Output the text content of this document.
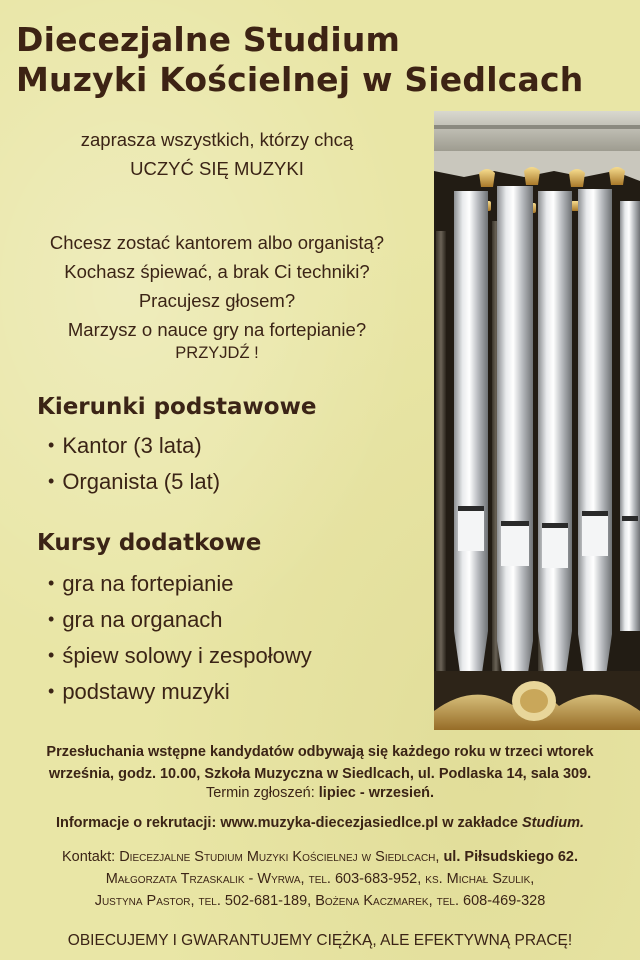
Diecezjalne Studium
Muzyki Kościelnej w Siedlcach
zaprasza wszystkich, którzy chcą
UCZYĆ SIĘ MUZYKI
Chcesz zostać kantorem albo organistą?
Kochasz śpiewać, a brak Ci techniki?
Pracujesz głosem?
Marzysz o nauce gry na fortepianie?
PRZYJDŹ !
Kierunki podstawowe
• Kantor (3 lata)
• Organista (5 lat)
Kursy dodatkowe
• gra na fortepianie
• gra na organach
• śpiew solowy i zespołowy
• podstawy muzyki
Przesłuchania wstępne kandydatów odbywają się każdego roku w trzeci wtorek
września, godz. 10.00, Szkoła Muzyczna w Siedlcach, ul. Podlaska 14, sala 309.
Termin zgłoszeń: lipiec - wrzesień.
Informacje o rekrutacji: www.muzyka-diecezjasiedlce.pl w zakładce Studium.
Kontakt: Diecezjalne Studium Muzyki Kościelnej w Siedlcach, ul. Piłsudskiego 62.
Małgorzata Trzaskalik - Wyrwa, tel. 603-683-952, ks. Michał Szulik,
Justyna Pastor, tel. 502-681-189, Bożena Kaczmarek, tel. 608-469-328
OBIECUJEMY I GWARANTUJEMY CIĘŻKĄ, ALE EFEKTYWNĄ PRACĘ!
